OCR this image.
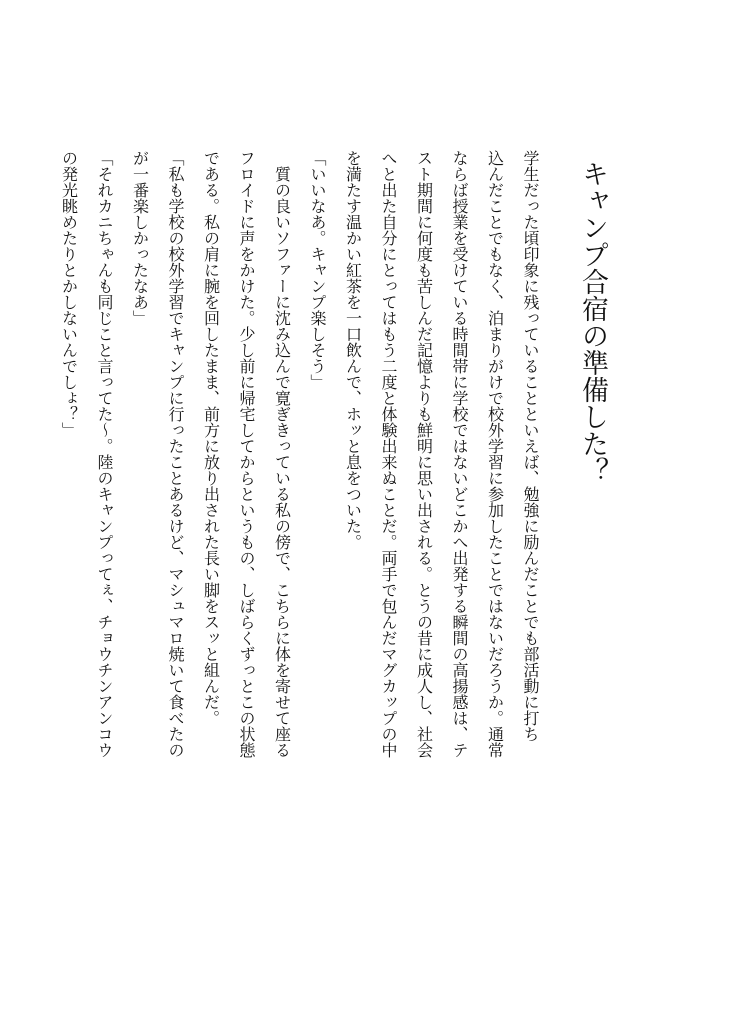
キャンプ合宿の準備した？
学生だった頃印象に残っていることといえば、勉強に励んだことでも部活動に打ち
込んだことでもなく、泊まりがけで校外学習に参加したことではないだろうか。通常
ならば授業を受けている時間帯に学校ではないどこかへ出発する瞬間の高揚感は、テ
スト期間に何度も苦しんだ記憶よりも鮮明に思い出される。とうの昔に成人し、社会
へと出た自分にとってはもう二度と体験出来ぬことだ。両手で包んだマグカップの中
を満たす温かい紅茶を一口飲んで、ホッと息をついた。
「いいなあ。キャンプ楽しそう」
　質の良いソファーに沈み込んで寛ぎきっている私の傍で、こちらに体を寄せて座る
フロイドに声をかけた。少し前に帰宅してからというもの、しばらくずっとこの状態
である。私の肩に腕を回したまま、前方に放り出された長い脚をスッと組んだ。
「私も学校の校外学習でキャンプに行ったことあるけど、マシュマロ焼いて食べたの
が一番楽しかったなあ」
「それカニちゃんも同じこと言ってた〜。陸のキャンプってぇ、チョウチンアンコウ
の発光眺めたりとかしないんでしょ？」
